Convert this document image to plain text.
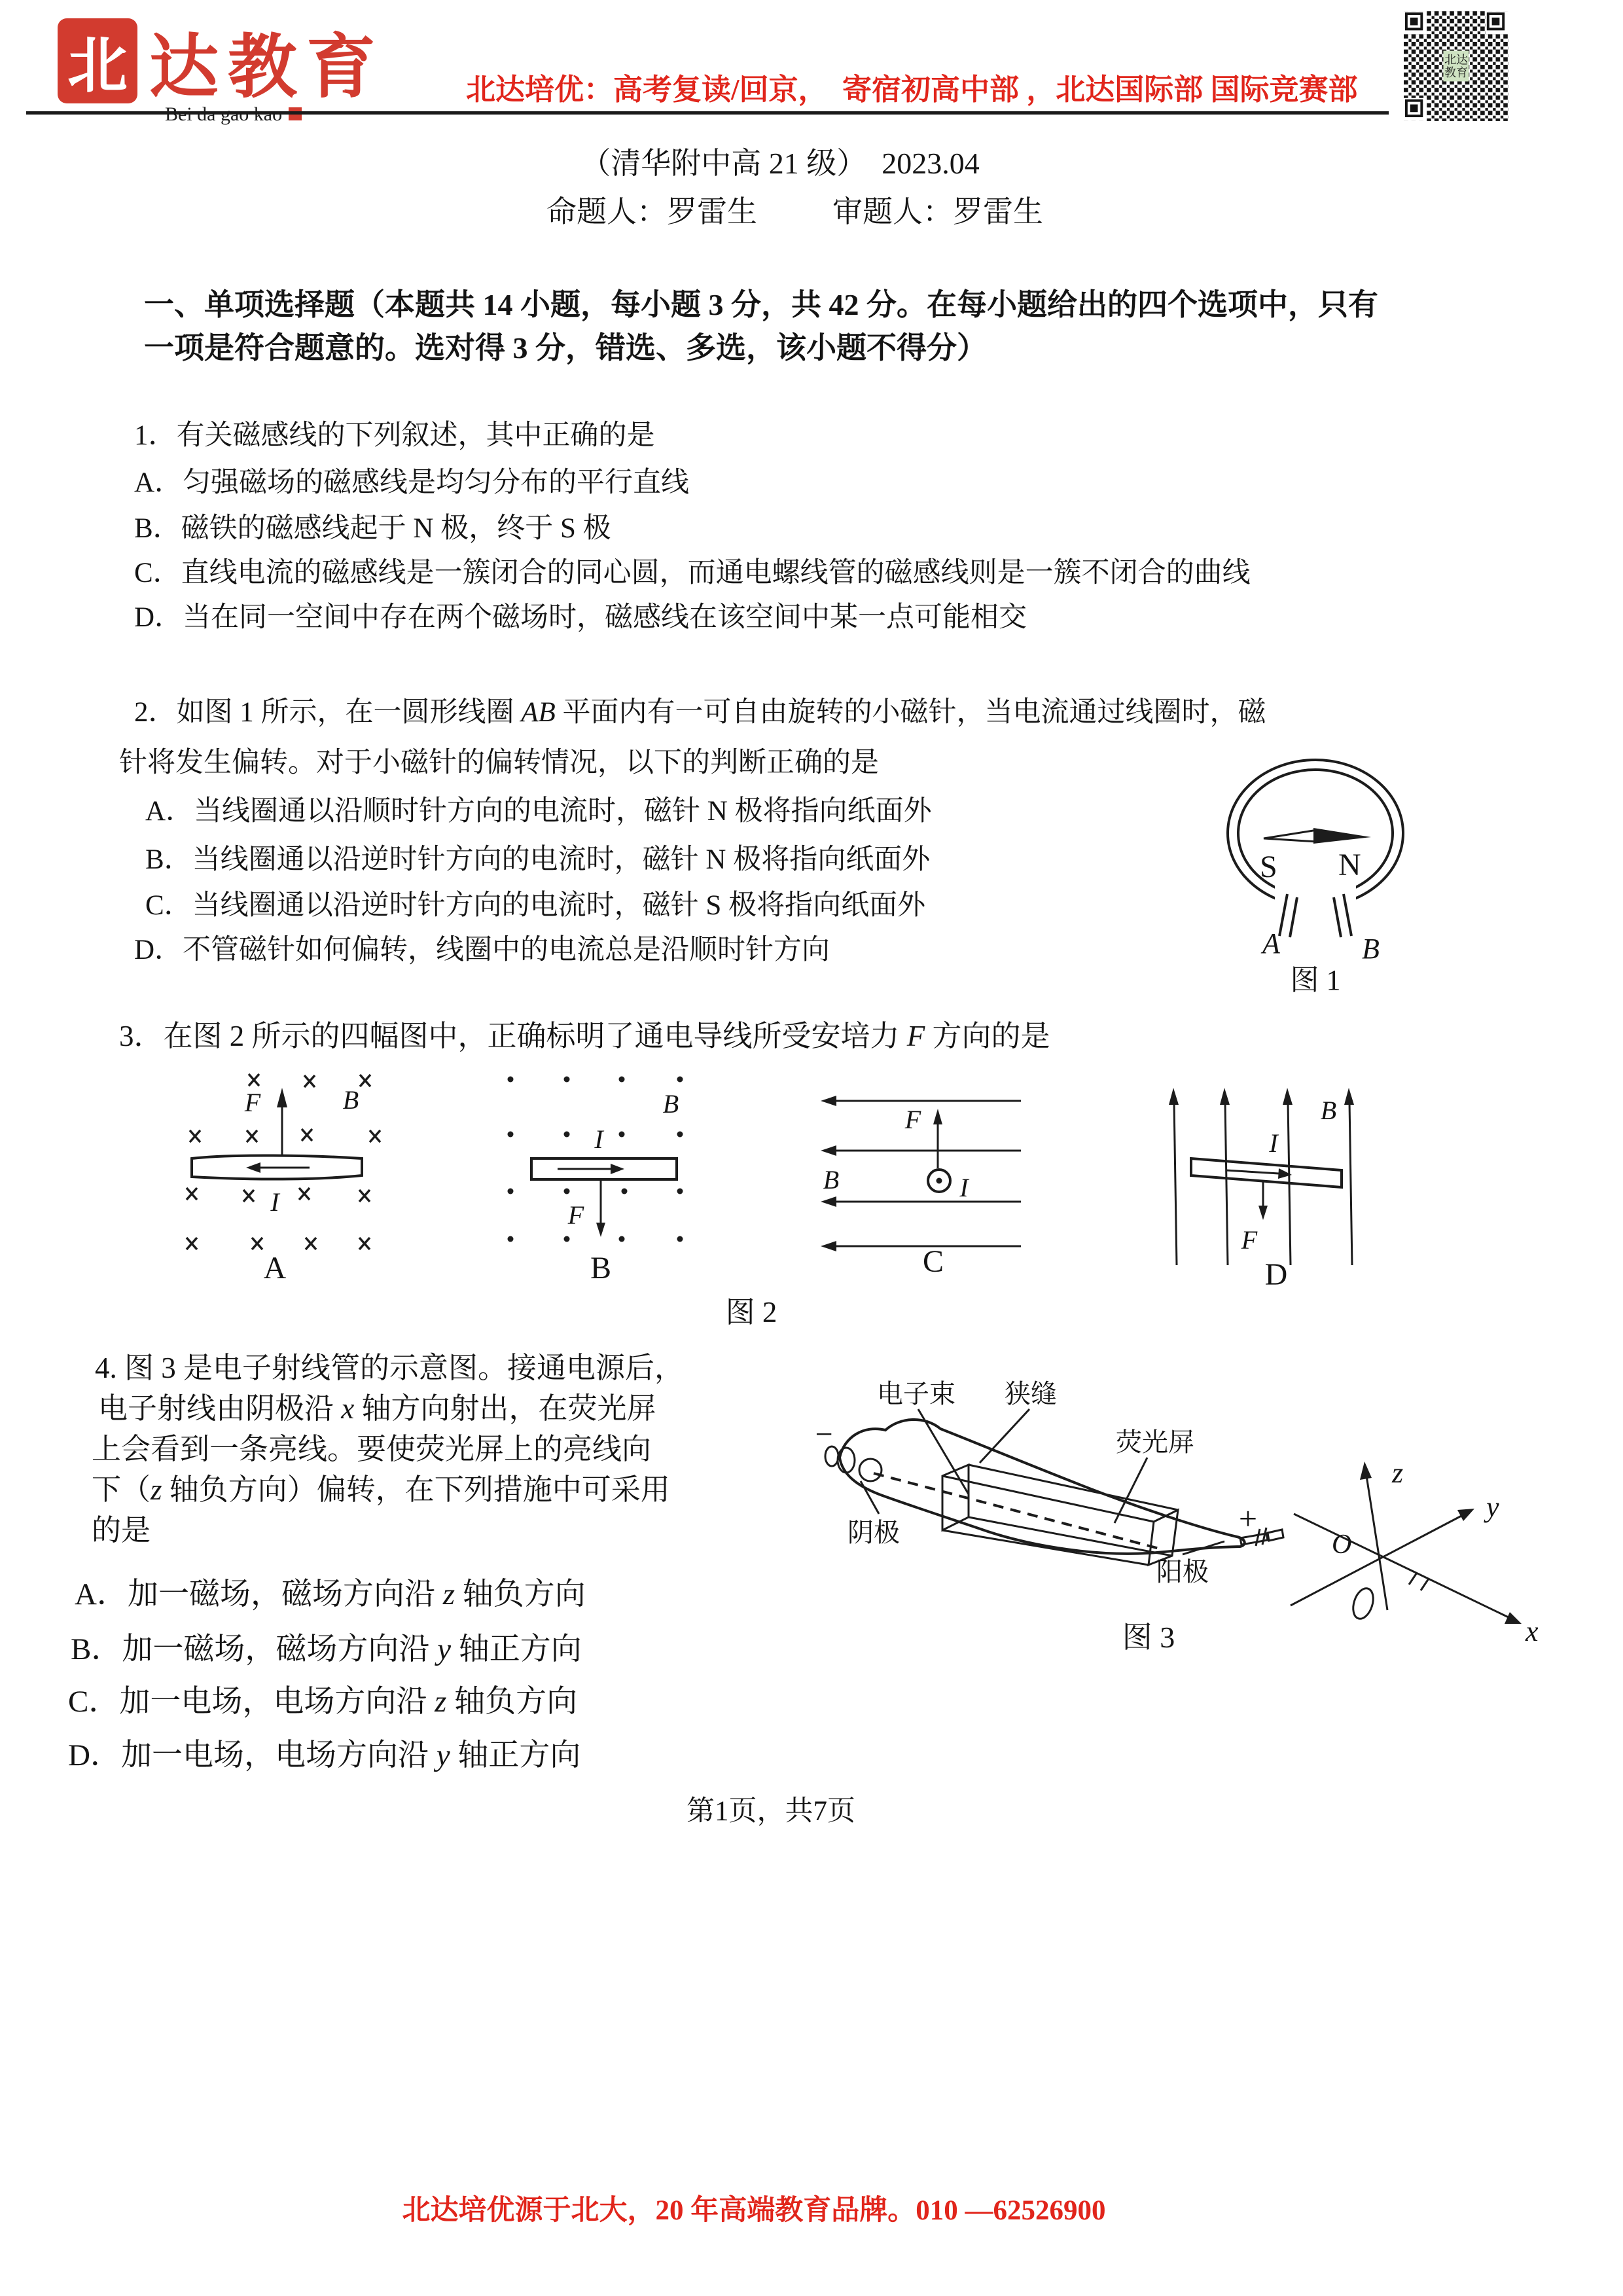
北 达教育	北达培优：高考复读/回京，  寄宿初高中部 ，北达国际部 国际竞赛部
北达
教育
（清华附中高 21 级）  2023.04
命题人：罗雷生	审题人：罗雷生
一、单项选择题（本题共 14 小题，每小题 3 分，共 42 分。在每小题给出的四个选项中，只有
一项是符合题意的。选对得 3 分，错选、多选，该小题不得分）
1．有关磁感线的下列叙述，其中正确的是
A．匀强磁场的磁感线是均匀分布的平行直线
B．磁铁的磁感线起于 N 极，终于 S 极
C．直线电流的磁感线是一簇闭合的同心圆，而通电螺线管的磁感线则是一簇不闭合的曲线
D．当在同一空间中存在两个磁场时，磁感线在该空间中某一点可能相交
2．如图 1 所示，在一圆形线圈 AB 平面内有一可自由旋转的小磁针，当电流通过线圈时，磁
针将发生偏转。对于小磁针的偏转情况，以下的判断正确的是
A．当线圈通以沿顺时针方向的电流时，磁针 N 极将指向纸面外
B．当线圈通以沿逆时针方向的电流时，磁针 N 极将指向纸面外
C．当线圈通以沿逆时针方向的电流时，磁针 S 极将指向纸面外
D．不管磁针如何偏转，线圈中的电流总是沿顺时针方向
S N
A	B
图 1
3．在图 2 所示的四幅图中，正确标明了通电导线所受安培力 F 方向的是
F	B
I
A
B
I
F
B
F
B	I
C
B
I
F
D
图 2
4. 图 3 是电子射线管的示意图。接通电源后，
电子射线由阴极沿 x 轴方向射出，在荧光屏
上会看到一条亮线。要使荧光屏上的亮线向
下（z 轴负方向）偏转，在下列措施中可采用
的是
A．加一磁场，磁场方向沿 z 轴负方向
B．加一磁场，磁场方向沿 y 轴正方向
C．加一电场，电场方向沿 z 轴负方向
D．加一电场，电场方向沿 y 轴正方向
电子束 狭缝
荧光屏
−
阴极
阳极
+
z
y
x
O
图 3
第1页，共7页
北达培优源于北大，20 年高端教育品牌。010 —62526900
